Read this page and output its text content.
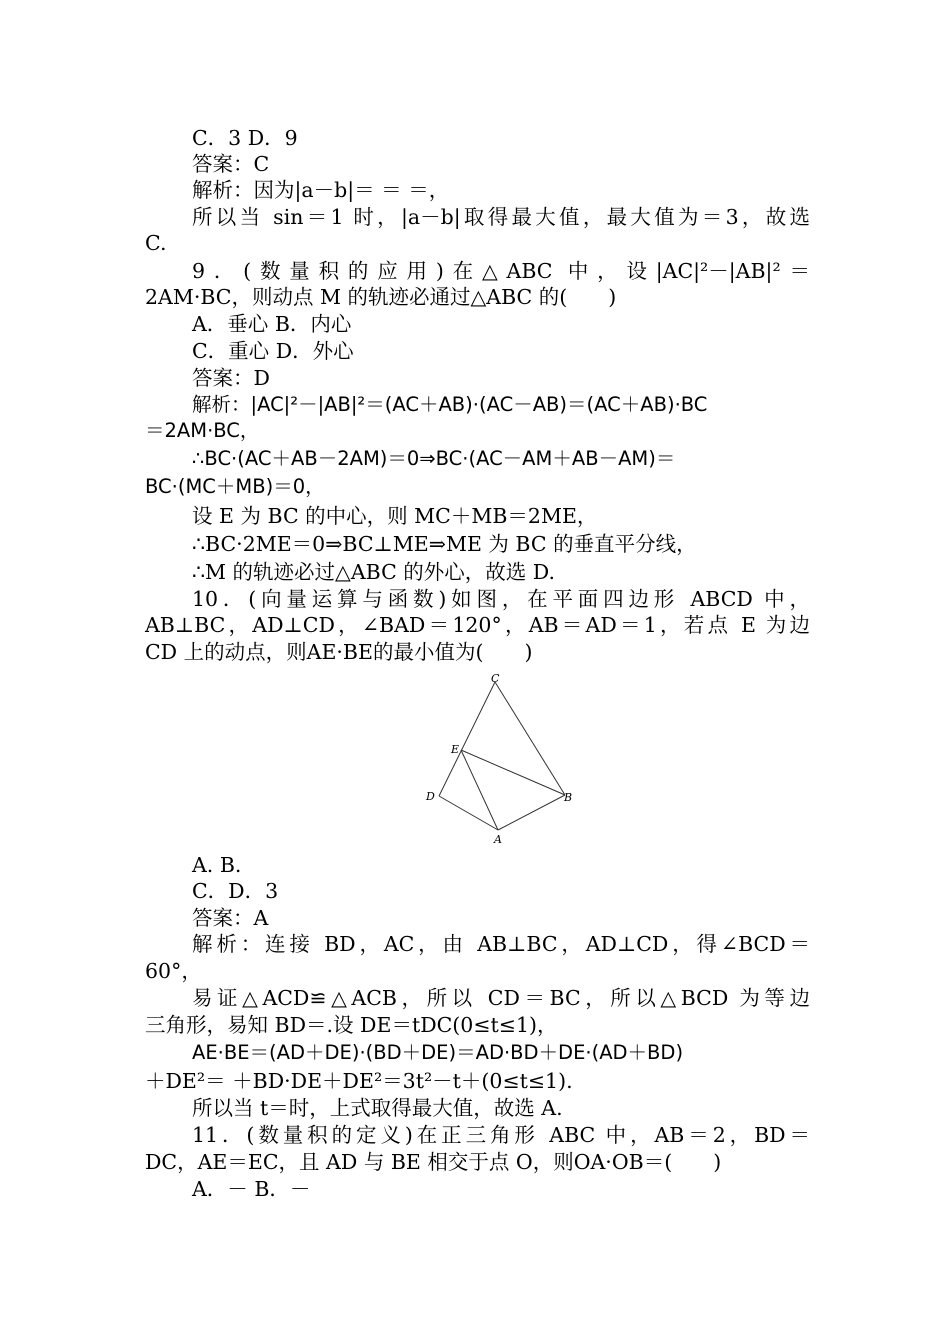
C．3 D．9
答案：C
解析：因为|a－b|＝ ＝ ＝，
所以当 sin＝1 时，|a－b|取得最大值，最大值为＝3，故选
C.
9．(数量积的应用)在△ABC 中，设|AC|²－|AB|²＝
2AM·BC，则动点 M 的轨迹必通过△ABC 的(　　)
A．垂心 B．内心
C．重心 D．外心
答案：D
解析：|AC|²－|AB|²＝(AC＋AB)·(AC－AB)＝(AC＋AB)·BC
＝2AM·BC，
∴BC·(AC＋AB－2AM)＝0⇒BC·(AC－AM＋AB－AM)＝
BC·(MC＋MB)＝0，
设 E 为 BC 的中心，则 MC＋MB＝2ME，
∴BC·2ME＝0⇒BC⊥ME⇒ME 为 BC 的垂直平分线，
∴M 的轨迹必过△ABC 的外心，故选 D.
10．(向量运算与函数)如图，在平面四边形 ABCD 中，
AB⊥BC，AD⊥CD，∠BAD＝120°，AB＝AD＝1，若点 E 为边
CD 上的动点，则AE·BE的最小值为(　　)
C
E
D	B
A
A. B.
C．D．3
答案：A
解析：连接 BD，AC，由 AB⊥BC，AD⊥CD，得∠BCD＝
60°，
易证△ACD≌△ACB，所以 CD＝BC，所以△BCD 为等边
三角形，易知 BD＝.设 DE＝tDC(0≤t≤1)，
AE·BE＝(AD＋DE)·(BD＋DE)＝AD·BD＋DE·(AD＋BD)
＋DE²＝ ＋BD·DE＋DE²＝3t²－t＋(0≤t≤1).
所以当 t＝时，上式取得最大值，故选 A.
11．(数量积的定义)在正三角形 ABC 中，AB＝2，BD＝
DC，AE＝EC，且 AD 与 BE 相交于点 O，则OA·OB＝(　　)
A．－ B．－
